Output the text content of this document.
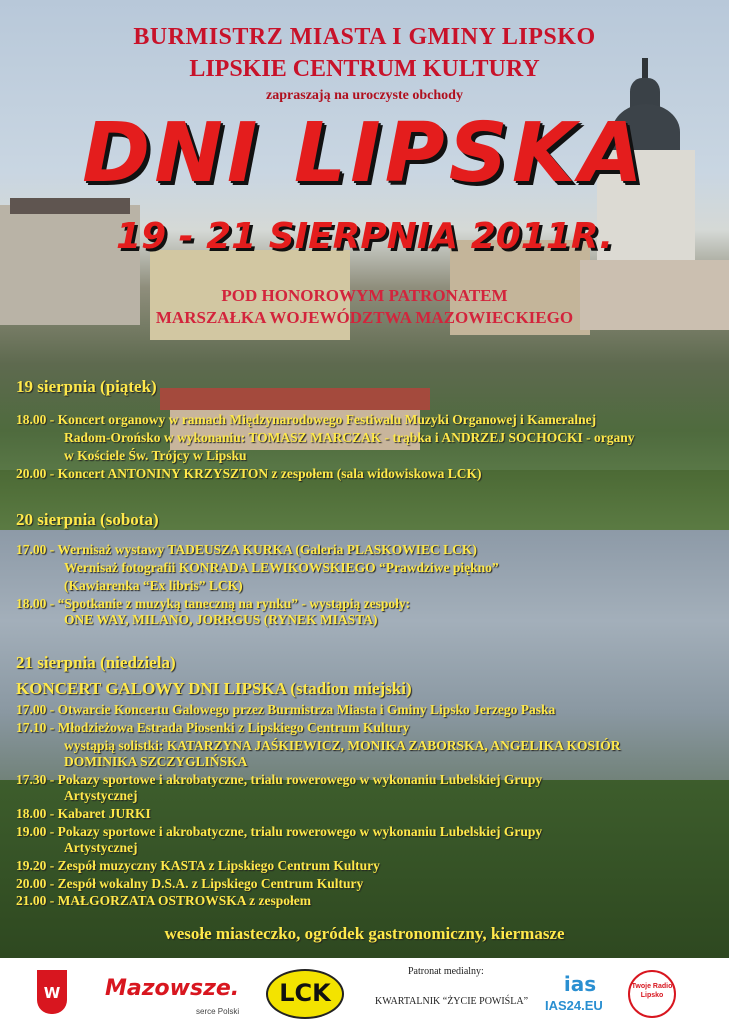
BURMISTRZ MIASTA I GMINY LIPSKO
LIPSKIE CENTRUM KULTURY
zapraszają na uroczyste obchody
DNI LIPSKA
19 - 21 SIERPNIA 2011R.
POD HONOROWYM PATRONATEM
MARSZAŁKA WOJEWÓDZTWA MAZOWIECKIEGO
19 sierpnia (piątek)
18.00 - Koncert organowy w ramach Międzynarodowego Festiwalu Muzyki Organowej i Kameralnej
Radom-Orońsko w wykonaniu: TOMASZ MARCZAK - trąbka i ANDRZEJ SOCHOCKI - organy
w Kościele Św. Trójcy w Lipsku
20.00 - Koncert ANTONINY KRZYSZTON z zespołem (sala widowiskowa LCK)
20 sierpnia (sobota)
17.00 - Wernisaż wystawy TADEUSZA KURKA (Galeria PLASKOWIEC LCK)
Wernisaż fotografii KONRADA LEWIKOWSKIEGO “Prawdziwe piękno”
(Kawiarenka “Ex libris” LCK)
18.00 - “Spotkanie z muzyką taneczną na rynku” - wystąpią zespoły:
ONE WAY, MILANO, JORRGUS (RYNEK MIASTA)
21 sierpnia (niedziela)
KONCERT GALOWY DNI LIPSKA (stadion miejski)
17.00 - Otwarcie Koncertu Galowego przez Burmistrza Miasta i Gminy Lipsko Jerzego Paska
17.10 - Młodzieżowa Estrada Piosenki z Lipskiego Centrum Kultury
wystąpią solistki: KATARZYNA JAŚKIEWICZ, MONIKA ZABORSKA, ANGELIKA KOSIÓR
DOMINIKA SZCZYGLIŃSKA
17.30 - Pokazy sportowe i akrobatyczne, trialu rowerowego w wykonaniu Lubelskiej Grupy
Artystycznej
18.00 - Kabaret JURKI
19.00 - Pokazy sportowe i akrobatyczne, trialu rowerowego w wykonaniu Lubelskiej Grupy
Artystycznej
19.20 - Zespół muzyczny KASTA z Lipskiego Centrum Kultury
20.00 - Zespół wokalny D.S.A. z Lipskiego Centrum Kultury
21.00 - MAŁGORZATA OSTROWSKA z zespołem
wesołe miasteczko, ogródek gastronomiczny, kiermasze
W	Mazowsze.
serce Polski
LCK
Patronat medialny:
KWARTALNIK “ŻYCIE POWIŚLA”
ias
IAS24.EU
Twoje Radio
Lipsko
